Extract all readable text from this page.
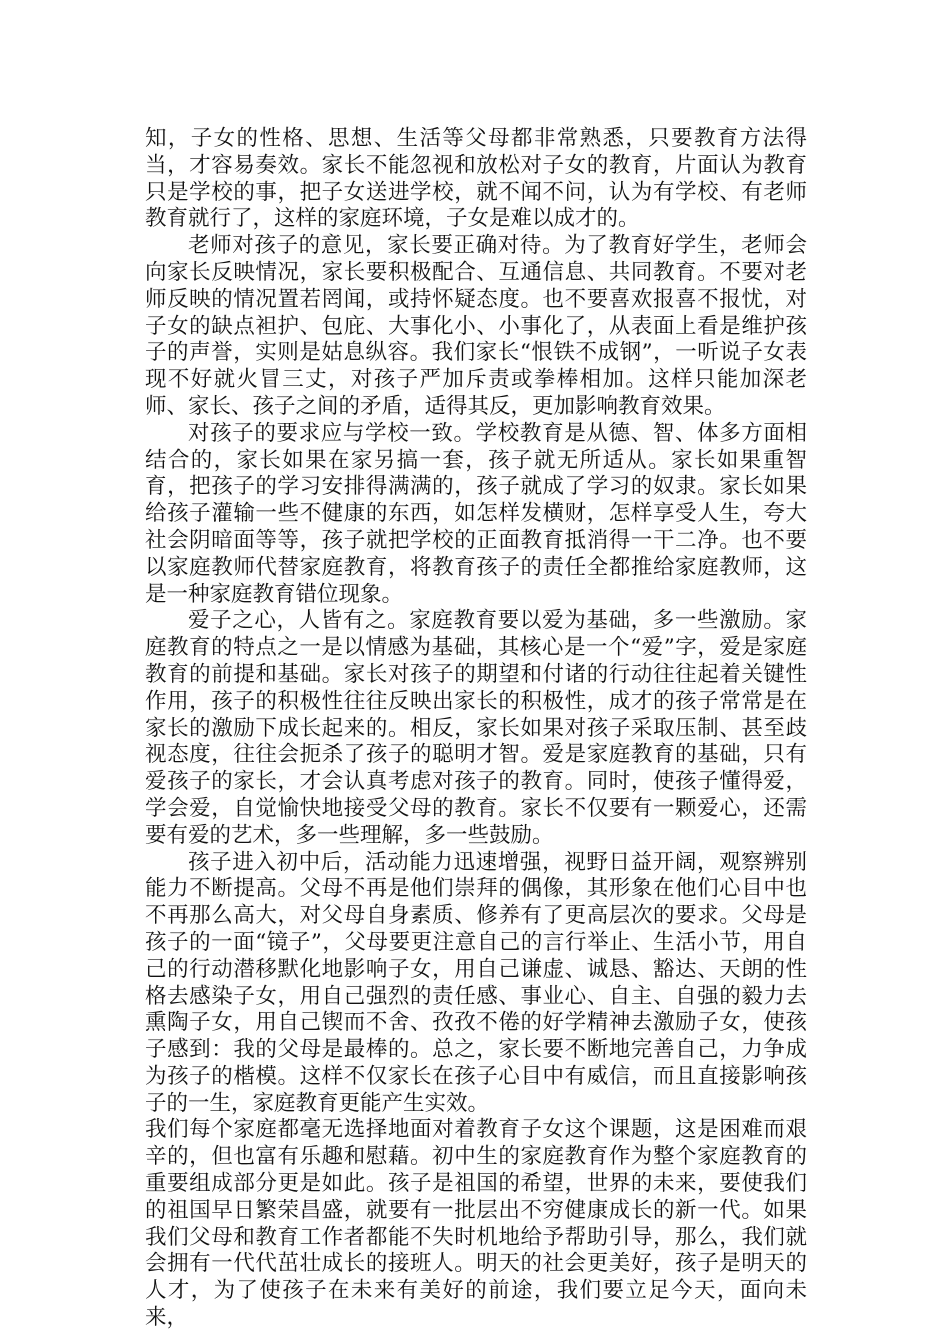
知，子女的性格、思想、生活等父母都非常熟悉，只要教育方法得当，才容易奏效。家长不能忽视和放松对子女的教育，片面认为教育只是学校的事，把子女送进学校，就不闻不问，认为有学校、有老师教育就行了，这样的家庭环境，子女是难以成才的。

老师对孩子的意见，家长要正确对待。为了教育好学生，老师会向家长反映情况，家长要积极配合、互通信息、共同教育。不要对老师反映的情况置若罔闻，或持怀疑态度。也不要喜欢报喜不报忧，对子女的缺点袒护、包庇、大事化小、小事化了，从表面上看是维护孩子的声誉，实则是姑息纵容。我们家长“恨铁不成钢”，一听说子女表现不好就火冒三丈，对孩子严加斥责或拳棒相加。这样只能加深老师、家长、孩子之间的矛盾，适得其反，更加影响教育效果。

对孩子的要求应与学校一致。学校教育是从德、智、体多方面相结合的，家长如果在家另搞一套，孩子就无所适从。家长如果重智育，把孩子的学习安排得满满的，孩子就成了学习的奴隶。家长如果给孩子灌输一些不健康的东西，如怎样发横财，怎样享受人生，夸大社会阴暗面等等，孩子就把学校的正面教育抵消得一干二净。也不要以家庭教师代替家庭教育，将教育孩子的责任全都推给家庭教师，这是一种家庭教育错位现象。

爱子之心，人皆有之。家庭教育要以爱为基础，多一些激励。家庭教育的特点之一是以情感为基础，其核心是一个“爱”字，爱是家庭教育的前提和基础。家长对孩子的期望和付诸的行动往往起着关键性作用，孩子的积极性往往反映出家长的积极性，成才的孩子常常是在家长的激励下成长起来的。相反，家长如果对孩子采取压制、甚至歧视态度，往往会扼杀了孩子的聪明才智。爱是家庭教育的基础，只有爱孩子的家长，才会认真考虑对孩子的教育。同时，使孩子懂得爱，学会爱，自觉愉快地接受父母的教育。家长不仅要有一颗爱心，还需要有爱的艺术，多一些理解，多一些鼓励。

孩子进入初中后，活动能力迅速增强，视野日益开阔，观察辨别能力不断提高。父母不再是他们崇拜的偶像，其形象在他们心目中也不再那么高大，对父母自身素质、修养有了更高层次的要求。父母是孩子的一面“镜子”，父母要更注意自己的言行举止、生活小节，用自己的行动潜移默化地影响子女，用自己谦虚、诚恳、豁达、天朗的性格去感染子女，用自己强烈的责任感、事业心、自主、自强的毅力去熏陶子女，用自己锲而不舍、孜孜不倦的好学精神去激励子女，使孩子感到：我的父母是最棒的。总之，家长要不断地完善自己，力争成为孩子的楷模。这样不仅家长在孩子心目中有威信，而且直接影响孩子的一生，家庭教育更能产生实效。

我们每个家庭都毫无选择地面对着教育子女这个课题，这是困难而艰辛的，但也富有乐趣和慰藉。初中生的家庭教育作为整个家庭教育的重要组成部分更是如此。孩子是祖国的希望，世界的未来，要使我们的祖国早日繁荣昌盛，就要有一批层出不穷健康成长的新一代。如果我们父母和教育工作者都能不失时机地给予帮助引导，那么，我们就会拥有一代代茁壮成长的接班人。明天的社会更美好，孩子是明天的人才，为了使孩子在未来有美好的前途，我们要立足今天，面向未来，
